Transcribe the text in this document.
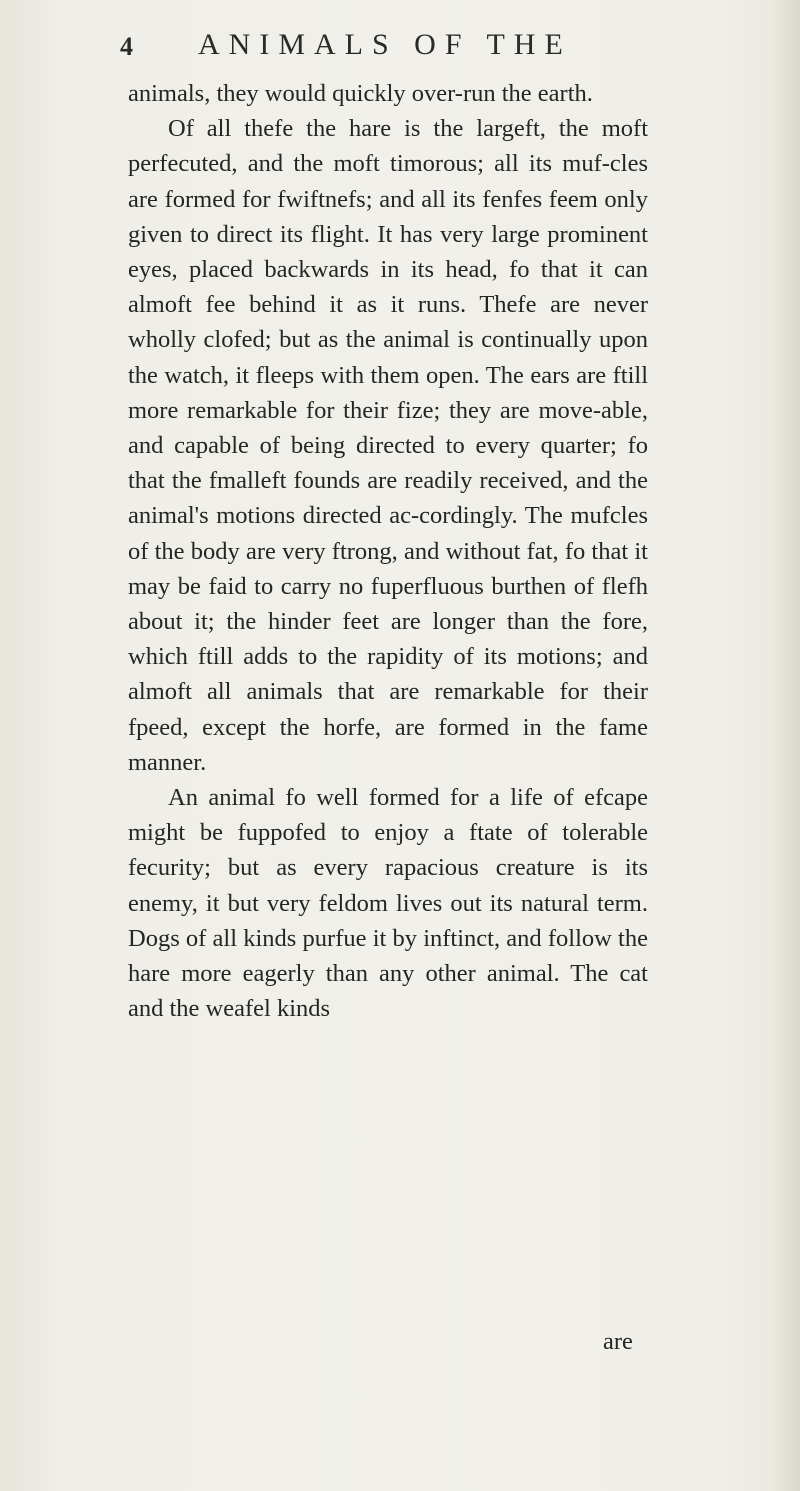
4 ANIMALS OF THE

animals, they would quickly over-run the earth.

Of all thefe the hare is the largeft, the moft perfecuted, and the moft timorous; all its muf-cles are formed for fwiftnefs; and all its fenfes feem only given to direct its flight. It has very large prominent eyes, placed backwards in its head, fo that it can almoft fee behind it as it runs. Thefe are never wholly clofed; but as the animal is continually upon the watch, it fleeps with them open. The ears are ftill more remarkable for their fize; they are move-able, and capable of being directed to every quarter; fo that the fmalleft founds are readily received, and the animal's motions directed ac-cordingly. The mufcles of the body are very ftrong, and without fat, fo that it may be faid to carry no fuperfluous burthen of flefh about it; the hinder feet are longer than the fore, which ftill adds to the rapidity of its motions; and almoft all animals that are remarkable for their fpeed, except the horfe, are formed in the fame manner.

An animal fo well formed for a life of efcape might be fuppofed to enjoy a ftate of tolerable fecurity; but as every rapacious creature is its enemy, it but very feldom lives out its natural term. Dogs of all kinds purfue it by inftinct, and follow the hare more eagerly than any other animal. The cat and the weafel kinds

are
